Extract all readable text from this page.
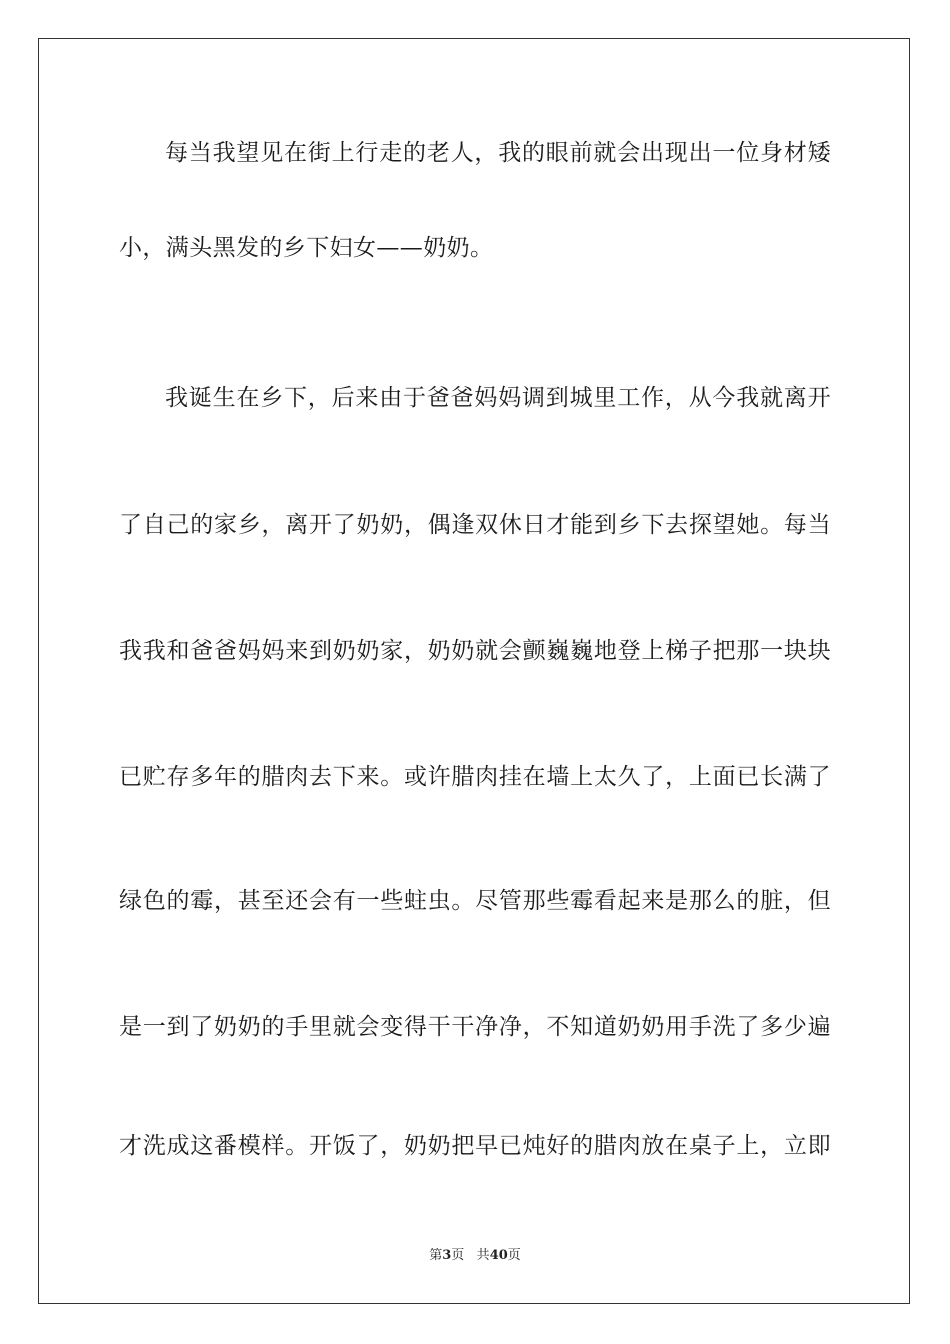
每当我望见在街上行走的老人，我的眼前就会出现出一位身材矮
小，满头黑发的乡下妇女——奶奶。
我诞生在乡下，后来由于爸爸妈妈调到城里工作，从今我就离开
了自己的家乡，离开了奶奶，偶逢双休日才能到乡下去探望她。每当
我我和爸爸妈妈来到奶奶家，奶奶就会颤巍巍地登上梯子把那一块块
已贮存多年的腊肉去下来。或许腊肉挂在墙上太久了，上面已长满了
绿色的霉，甚至还会有一些蛀虫。尽管那些霉看起来是那么的脏，但
是一到了奶奶的手里就会变得干干净净，不知道奶奶用手洗了多少遍
才洗成这番模样。开饭了，奶奶把早已炖好的腊肉放在桌子上，立即
第3页 共40页
